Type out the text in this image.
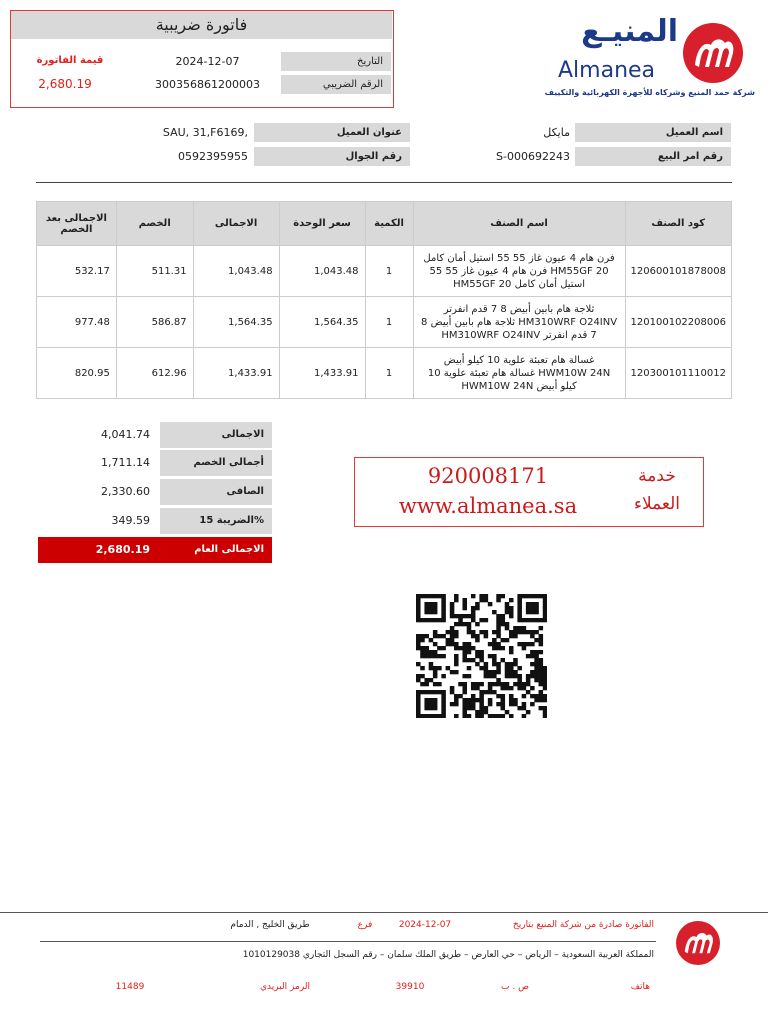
فاتورة ضريبية
التاريخ
2024-12-07
الرقم الضريبي
300356861200003
قيمة الفاتورة
2,680.19
المنيـع
Almanea
شركة حمد المنيع وشركاه للأجهزة الكهربائية والتكييف
اسم العميل
مايكل
رقم امر البيع
S-000692243
عنوان العميل
SAU, 31,F6169,
رقم الجوال
0592395955
الاجمالى بعد الخصم	الخصم	الاجمالى	سعر الوحدة	الكمية	اسم الصنف	كود الصنف
532.17	511.31	1,043.48	1,043.48	1	فرن هام 4 عيون غاز 55 55 استيل أمان كامل HM55GF 20 فرن هام 4 عيون غاز 55 55 استيل أمان كامل HM55GF 20	120600101878008
977.48	586.87	1,564.35	1,564.35	1	ثلاجة هام بابين أبيض 8 7 قدم انفرتر HM310WRF O24INV ثلاجة هام بابين أبيض 8 7 قدم انفرتر HM310WRF O24INV	120100102208006
820.95	612.96	1,433.91	1,433.91	1	غسالة هام تعبئة علوية 10 كيلو أبيض HWM10W 24N غسالة هام تعبئة علوية 10 كيلو أبيض HWM10W 24N	120300101110012
4,041.74	الاجمالى
1,711.14	أجمالى الخصم
2,330.60	الصافى
349.59	الضريبة 15%
2,680.19	الاجمالى العام
920008171
www.almanea.sa
خدمة
العملاء
الفاتورة صادرة من شركة المنيع بتاريخ
2024-12-07
فرع
طريق الخليج , الدمام
المملكة العربية السعودية – الرياض – حي العارض – طريق الملك سلمان – رقم السجل التجاري 1010129038
هاتف
ص . ب
39910
الرمز البريدي
11489
